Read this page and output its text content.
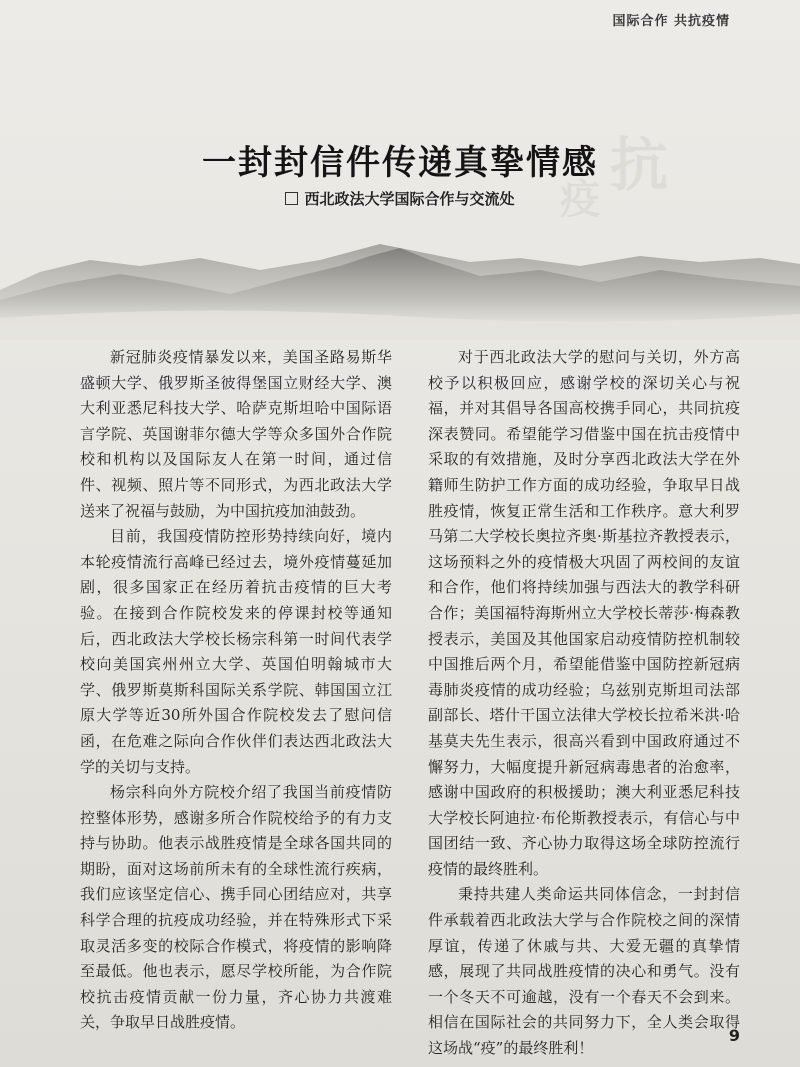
国际合作 共抗疫情
抗
疫
一封封信件传递真挚情感
西北政法大学国际合作与交流处

新冠肺炎疫情暴发以来，美国圣路易斯华盛顿大学、俄罗斯圣彼得堡国立财经大学、澳大利亚悉尼科技大学、哈萨克斯坦哈中国际语言学院、英国谢菲尔德大学等众多国外合作院校和机构以及国际友人在第一时间，通过信件、视频、照片等不同形式，为西北政法大学送来了祝福与鼓励，为中国抗疫加油鼓劲。

目前，我国疫情防控形势持续向好，境内本轮疫情流行高峰已经过去，境外疫情蔓延加剧，很多国家正在经历着抗击疫情的巨大考验。在接到合作院校发来的停课封校等通知后，西北政法大学校长杨宗科第一时间代表学校向美国宾州州立大学、英国伯明翰城市大学、俄罗斯莫斯科国际关系学院、韩国国立江原大学等近30所外国合作院校发去了慰问信函，在危难之际向合作伙伴们表达西北政法大学的关切与支持。

杨宗科向外方院校介绍了我国当前疫情防控整体形势，感谢多所合作院校给予的有力支持与协助。他表示战胜疫情是全球各国共同的期盼，面对这场前所未有的全球性流行疾病，我们应该坚定信心、携手同心团结应对，共享科学合理的抗疫成功经验，并在特殊形式下采取灵活多变的校际合作模式，将疫情的影响降至最低。他也表示，愿尽学校所能，为合作院校抗击疫情贡献一份力量，齐心协力共渡难关，争取早日战胜疫情。

对于西北政法大学的慰问与关切，外方高校予以积极回应，感谢学校的深切关心与祝福，并对其倡导各国高校携手同心，共同抗疫深表赞同。希望能学习借鉴中国在抗击疫情中采取的有效措施，及时分享西北政法大学在外籍师生防护工作方面的成功经验，争取早日战胜疫情，恢复正常生活和工作秩序。意大利罗马第二大学校长奥拉齐奥·斯基拉齐教授表示，这场预料之外的疫情极大巩固了两校间的友谊和合作，他们将持续加强与西法大的教学科研合作；美国福特海斯州立大学校长蒂莎·梅森教授表示，美国及其他国家启动疫情防控机制较中国推后两个月，希望能借鉴中国防控新冠病毒肺炎疫情的成功经验；乌兹别克斯坦司法部副部长、塔什干国立法律大学校长拉希米洪·哈基莫夫先生表示，很高兴看到中国政府通过不懈努力，大幅度提升新冠病毒患者的治愈率，感谢中国政府的积极援助；澳大利亚悉尼科技大学校长阿迪拉·布伦斯教授表示，有信心与中国团结一致、齐心协力取得这场全球防控流行疫情的最终胜利。

秉持共建人类命运共同体信念，一封封信件承载着西北政法大学与合作院校之间的深情厚谊，传递了休戚与共、大爱无疆的真挚情感，展现了共同战胜疫情的决心和勇气。没有一个冬天不可逾越，没有一个春天不会到来。相信在国际社会的共同努力下，全人类会取得这场战“疫”的最终胜利！

9
